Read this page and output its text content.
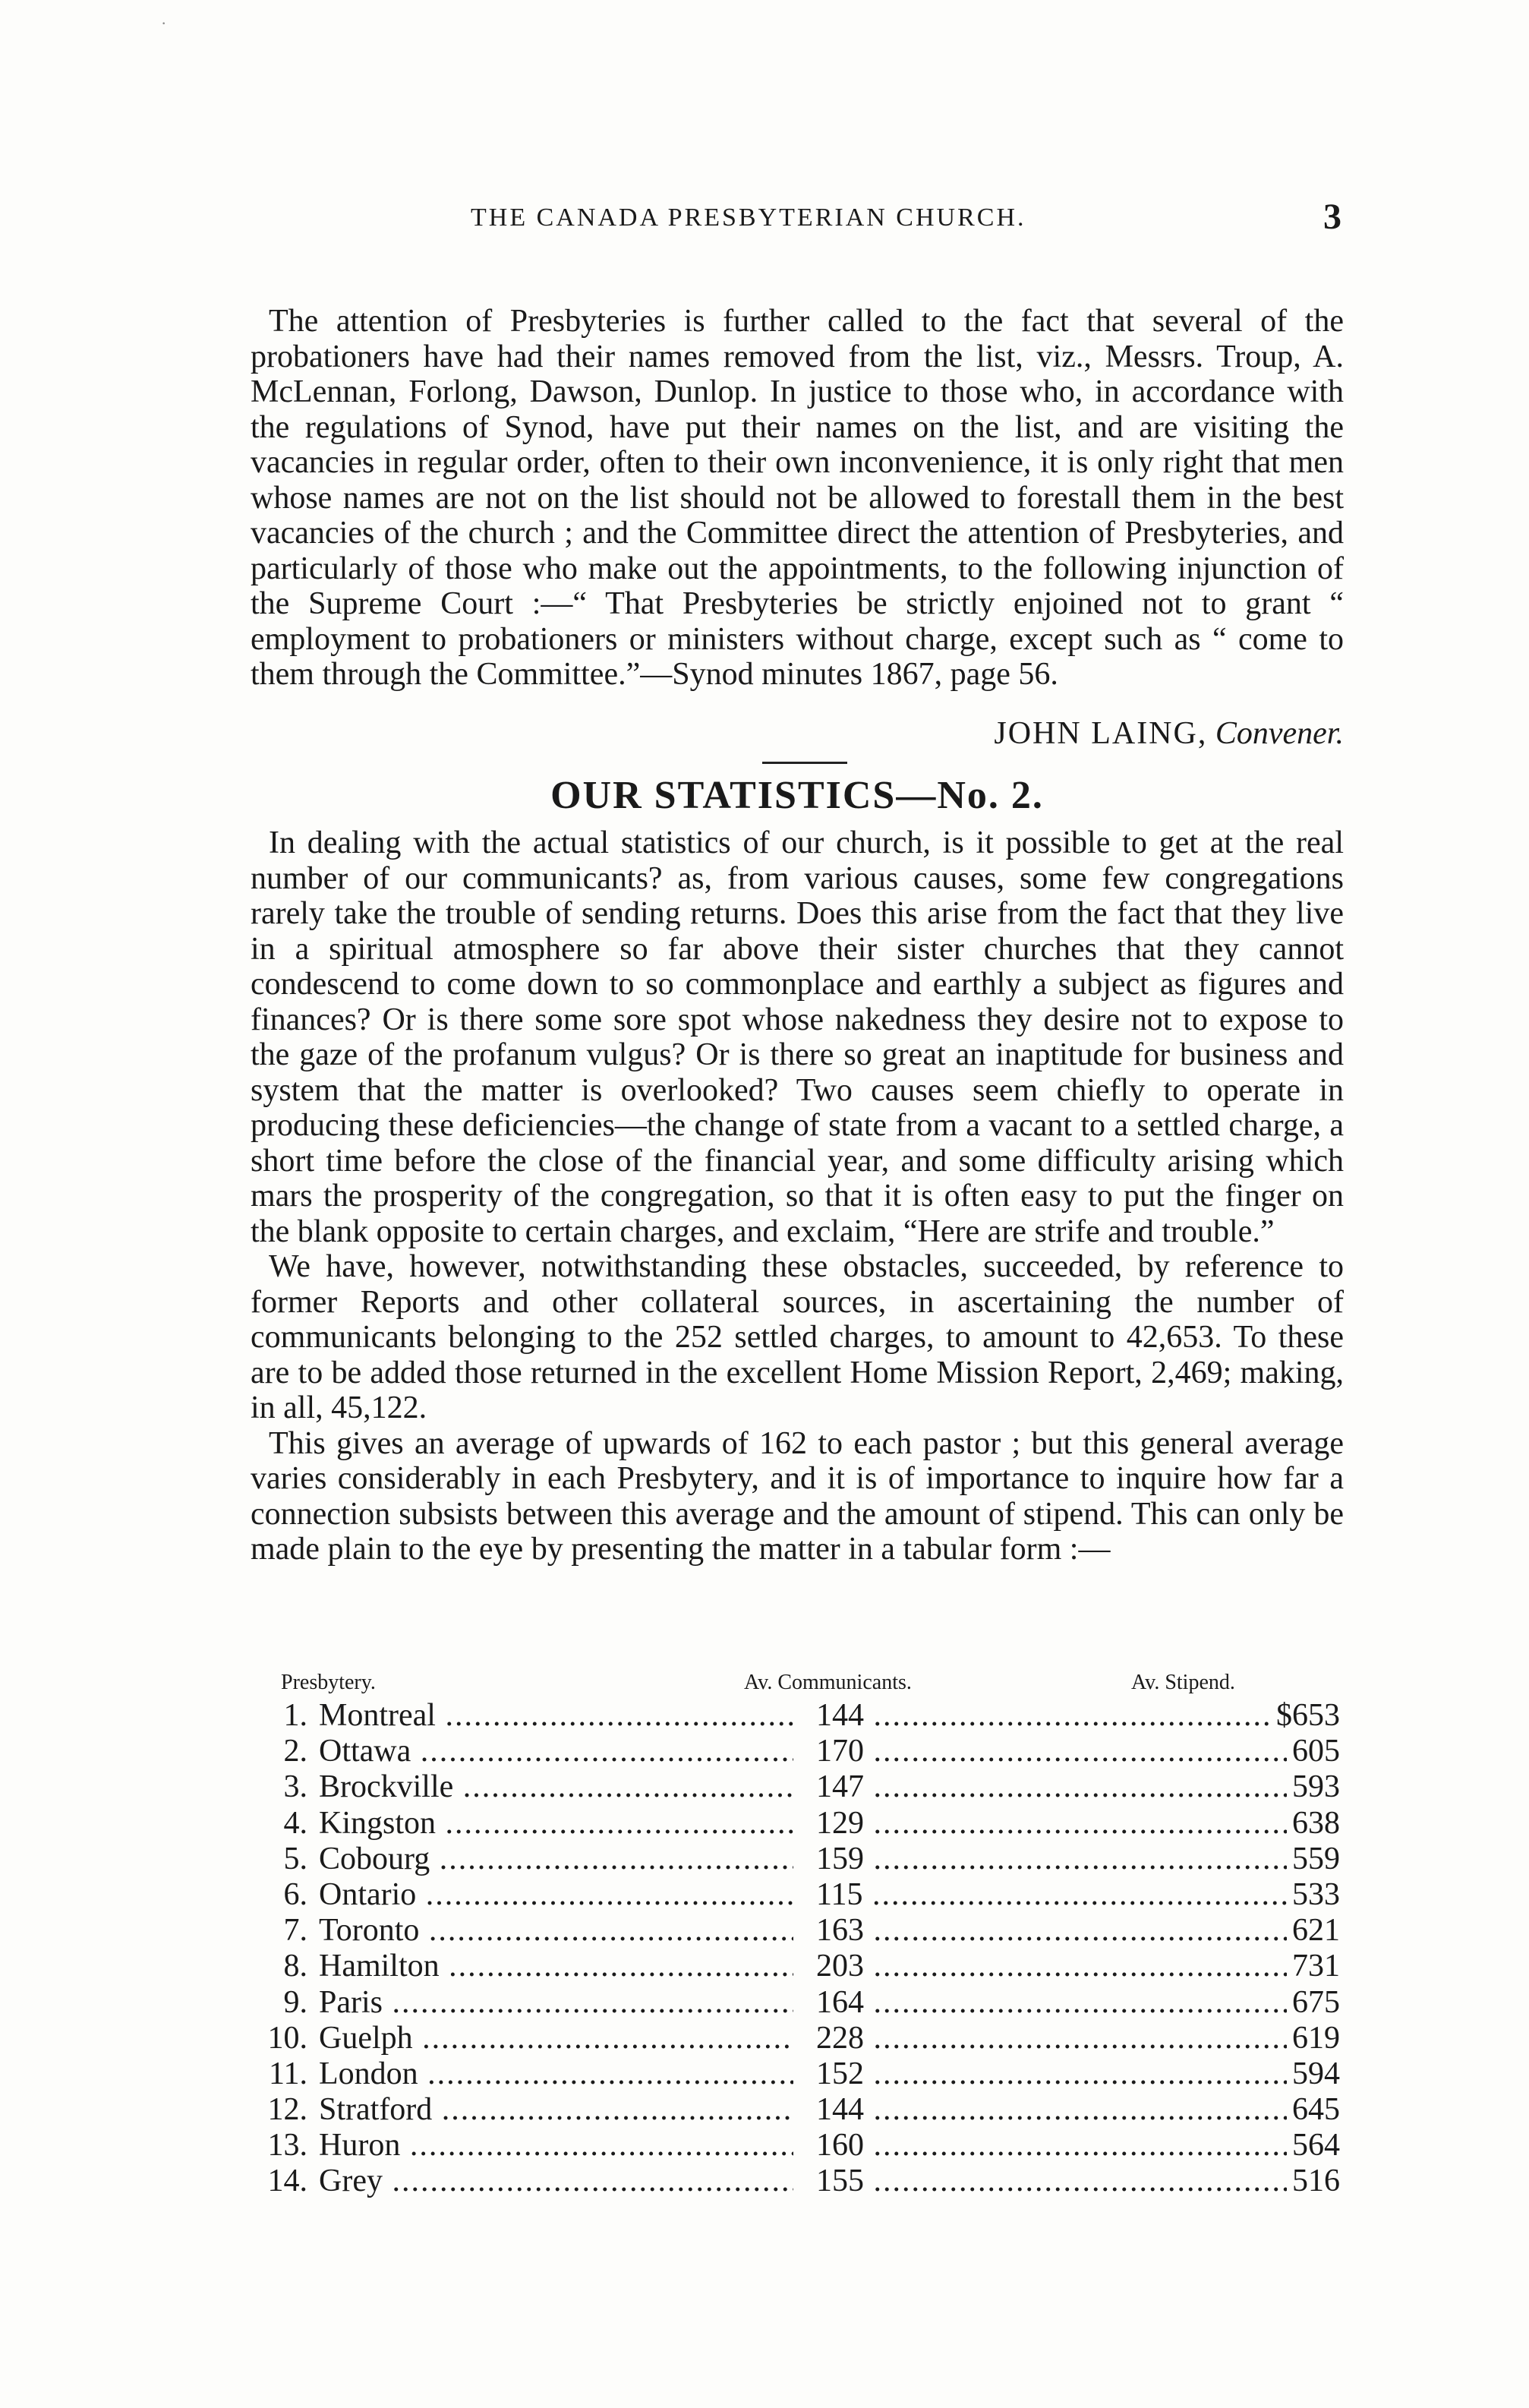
·
THE CANADA PRESBYTERIAN CHURCH.	3

The attention of Presbyteries is further called to the fact that several of the probationers have had their names removed from the list, viz., Messrs. Troup, A. McLennan, Forlong, Dawson, Dunlop. In justice to those who, in accordance with the regulations of Synod, have put their names on the list, and are visiting the vacancies in regular order, often to their own inconvenience, it is only right that men whose names are not on the list should not be allowed to forestall them in the best vacancies of the church ; and the Committee direct the attention of Presbyteries, and particularly of those who make out the appointments, to the following injunction of the Supreme Court :—“ That Presbyteries be strictly enjoined not to grant “ employment to probationers or ministers without charge, except such as “ come to them through the Committee.”—Synod minutes 1867, page 56.

JOHN LAING, Convener.
OUR STATISTICS—No. 2.

In dealing with the actual statistics of our church, is it possible to get at the real number of our communicants? as, from various causes, some few congregations rarely take the trouble of sending returns. Does this arise from the fact that they live in a spiritual atmosphere so far above their sister churches that they cannot condescend to come down to so commonplace and earthly a subject as figures and finances? Or is there some sore spot whose nakedness they desire not to expose to the gaze of the profanum vulgus? Or is there so great an inaptitude for business and system that the matter is overlooked? Two causes seem chiefly to operate in producing these deficiencies—the change of state from a vacant to a settled charge, a short time before the close of the financial year, and some difficulty arising which mars the prosperity of the congregation, so that it is often easy to put the finger on the blank opposite to certain charges, and exclaim, “Here are strife and trouble.”

We have, however, notwithstanding these obstacles, succeeded, by reference to former Reports and other collateral sources, in ascertaining the number of communicants belonging to the 252 settled charges, to amount to 42,653. To these are to be added those returned in the excellent Home Mission Report, 2,469; making, in all, 45,122.

This gives an average of upwards of 162 to each pastor ; but this general average varies considerably in each Presbytery, and it is of importance to inquire how far a connection subsists between this average and the amount of stipend. This can only be made plain to the eye by presenting the matter in a tabular form :—

Presbytery.	Av. Communicants.	Av. Stipend.
1. Montreal .....	144 .....	$653
2. Ottawa .....	170 .....	605
3. Brockville .....	147 .....	593
4. Kingston .....	129 .....	638
5. Cobourg .....	159 .....	559
6. Ontario .....	115 .....	533
7. Toronto .....	163 .....	621
8. Hamilton .....	203 .....	731
9. Paris .....	164 .....	675
10. Guelph .....	228 .....	619
11. London .....	152 .....	594
12. Stratford .....	144 .....	645
13. Huron .....	160 .....	564
14. Grey .....	155 .....	516
